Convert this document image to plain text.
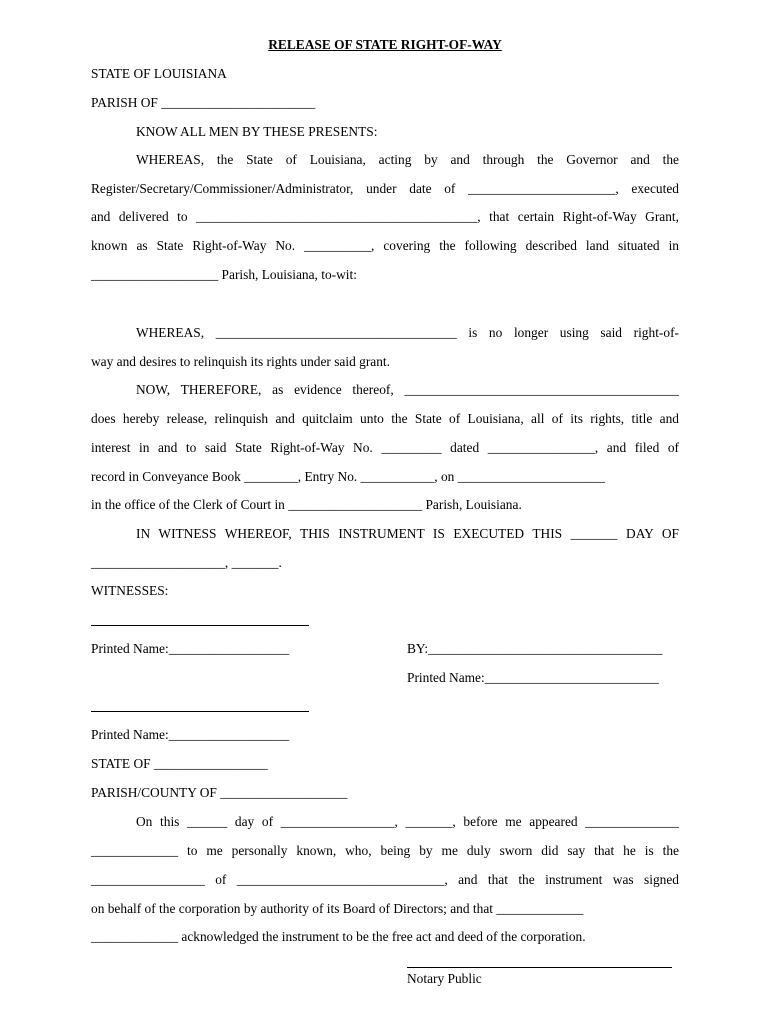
RELEASE OF STATE RIGHT-OF-WAY
STATE OF LOUISIANA
PARISH OF _______________________
KNOW ALL MEN BY THESE PRESENTS:
WHEREAS, the State of Louisiana, acting by and through the Governor and the
Register/Secretary/Commissioner/Administrator, under date of ______________________, executed
and delivered to __________________________________________, that certain Right-of-Way Grant,
known as State Right-of-Way No. __________, covering the following described land situated in
___________________ Parish, Louisiana, to-wit:
WHEREAS, ____________________________________ is no longer using said right-of-
way and desires to relinquish its rights under said grant.
NOW, THEREFORE, as evidence thereof, _________________________________________
does hereby release, relinquish and quitclaim unto the State of Louisiana, all of its rights, title and
interest in and to said State Right-of-Way No. _________ dated ________________, and filed of
record in Conveyance Book ________, Entry No. ___________, on ______________________
in the office of the Clerk of Court in ____________________ Parish, Louisiana.
IN WITNESS WHEREOF, THIS INSTRUMENT IS EXECUTED THIS _______ DAY OF
____________________, _______.
WITNESSES:
Printed Name:__________________	BY:___________________________________
Printed Name:__________________________
Printed Name:__________________
STATE OF _________________
PARISH/COUNTY OF ___________________
On this ______ day of _________________, _______, before me appeared ______________
_____________ to me personally known, who, being by me duly sworn did say that he is the
_________________ of _______________________________, and that the instrument was signed
on behalf of the corporation by authority of its Board of Directors; and that _____________
_____________ acknowledged the instrument to be the free act and deed of the corporation.
Notary Public
